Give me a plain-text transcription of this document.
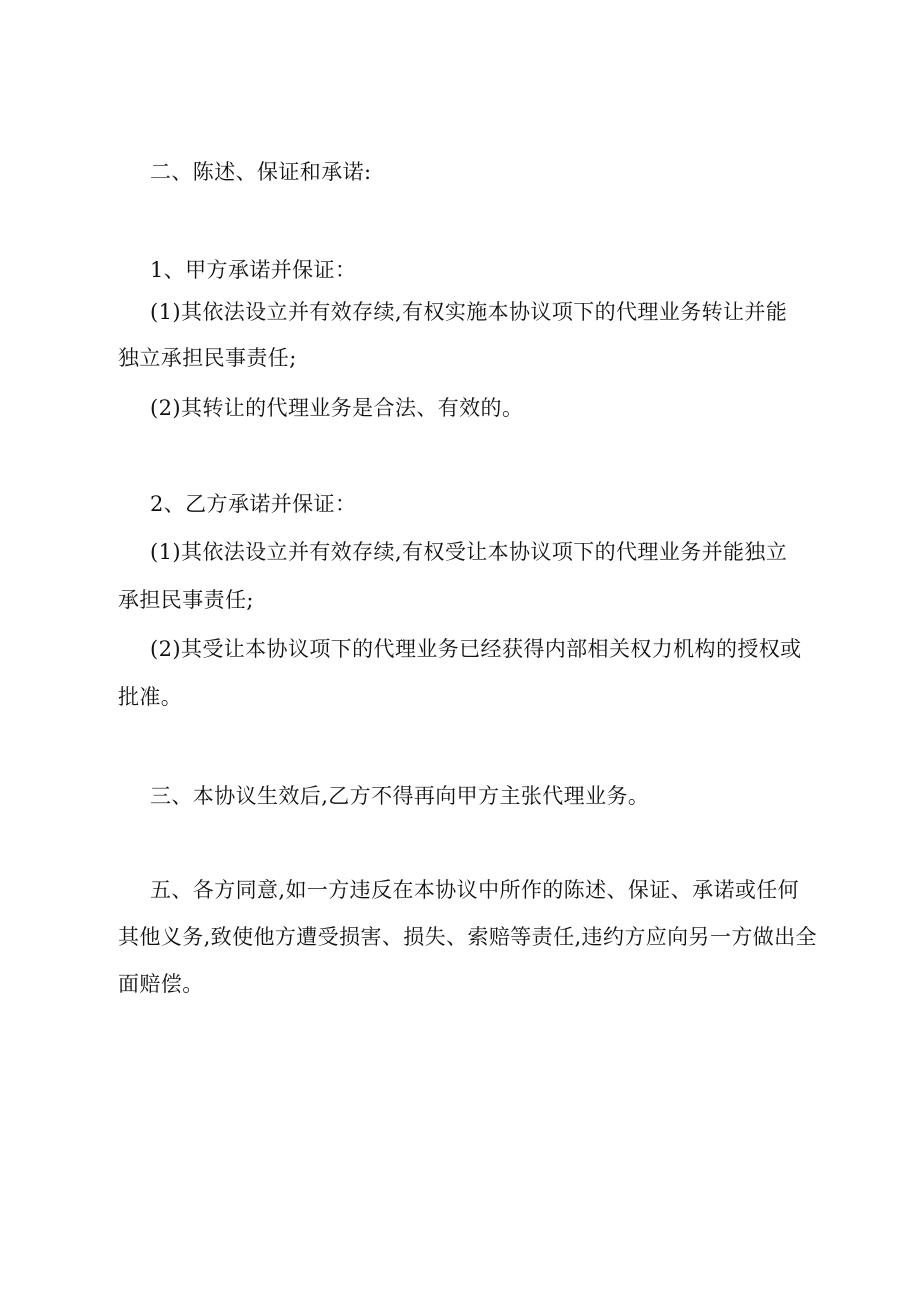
二、陈述、保证和承诺:
1、甲方承诺并保证：
(1)其依法设立并有效存续,有权实施本协议项下的代理业务转让并能
独立承担民事责任;
(2)其转让的代理业务是合法、有效的。
2、乙方承诺并保证：
(1)其依法设立并有效存续,有权受让本协议项下的代理业务并能独立
承担民事责任;
(2)其受让本协议项下的代理业务已经获得内部相关权力机构的授权或
批准。
三、本协议生效后,乙方不得再向甲方主张代理业务。
五、各方同意,如一方违反在本协议中所作的陈述、保证、承诺或任何
其他义务,致使他方遭受损害、损失、索赔等责任,违约方应向另一方做出全
面赔偿。
